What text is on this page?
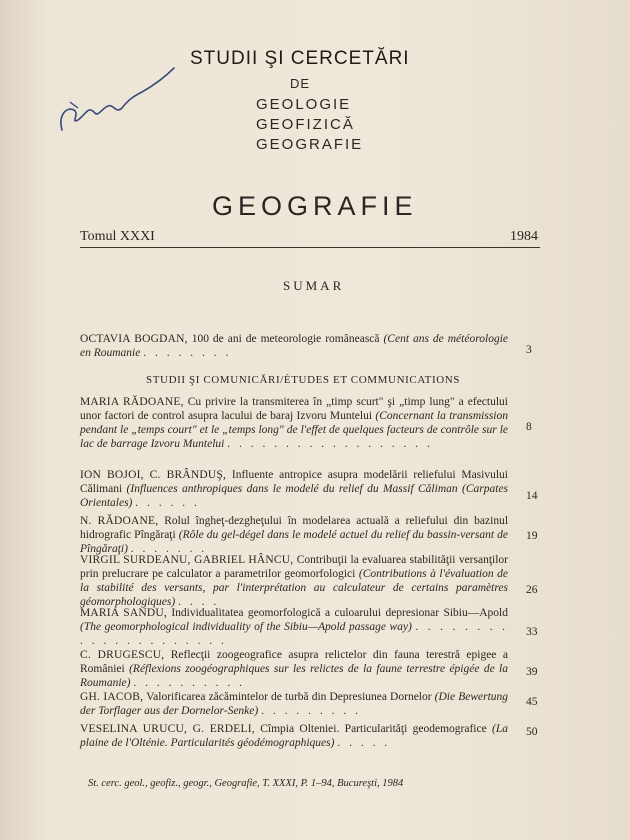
STUDII ŞI CERCETĂRI
DE
GEOLOGIE
GEOFIZICĂ
GEOGRAFIE
GEOGRAFIE
Tomul XXXI	1984
SUMAR
OCTAVIA BOGDAN, 100 de ani de meteorologie românească (Cent ans de météorologie en Roumanie . . . . . . . .	3
STUDII ŞI COMUNICĂRI/ÉTUDES ET COMMUNICATIONS
MARIA RĂDOANE, Cu privire la transmiterea în „timp scurt" şi „timp lung" a efectului unor factori de control asupra lacului de baraj Izvoru Muntelui (Concernant la transmission pendant le „temps court" et le „temps long" de l'effet de quelques facteurs de contrôle sur le lac de barrage Izvoru Muntelui . . . . . . . . . . . . . . . . . .
8
ION BOJOI, C. BRÂNDUŞ, Influente antropice asupra modelării reliefului Masivului Călimani (Influences anthropiques dans le modelé du relief du Massif Căliman (Carpates Orientales) . . . . . .
14
N. RĂDOANE, Rolul îngheţ-dezgheţului în modelarea actuală a reliefului din bazinul hidrografic Pîngăraţi (Rôle du gel-dégel dans le modelé actuel du relief du bassin-versant de Pîngăraţi) . . . . . . .
19
VIRGIL SURDEANU, GABRIEL HÂNCU, Contribuţii la evaluarea stabilităţii versanţilor prin prelucrare pe calculator a parametrilor geomorfologici (Contributions à l'évaluation de la stabilité des versants, par l'interprétation au calculateur de certains paramètres géomorphologiques) . . . .
26
MARIA SANDU, Individualitatea geomorfologică a culoarului depresionar Sibiu—Apold (The geomorphological individuality of the Sibiu—Apold passage way) . . . . . . . . . . . . . . . . . . . . .
33
C. DRUGESCU, Reflecţii zoogeografice asupra relictelor din fauna terestră epigee a României (Réflexions zoogéographiques sur les relictes de la faune terrestre épigée de la Roumanie) . . . . . . . . . .
39
GH. IACOB, Valorificarea zăcămintelor de turbă din Depresiunea Dornelor (Die Bewertung der Torflager aus der Dornelor-Senke) . . . . . . . . .
45
VESELINA URUCU, G. ERDELI, Cîmpia Olteniei. Particularităţi geodemografice (La plaine de l'Olténie. Particularités géodémographiques) . . . . .
50
St. cerc. geol., geofiz., geogr., Geografie, T. XXXI, P. 1–94, Bucureşti, 1984
